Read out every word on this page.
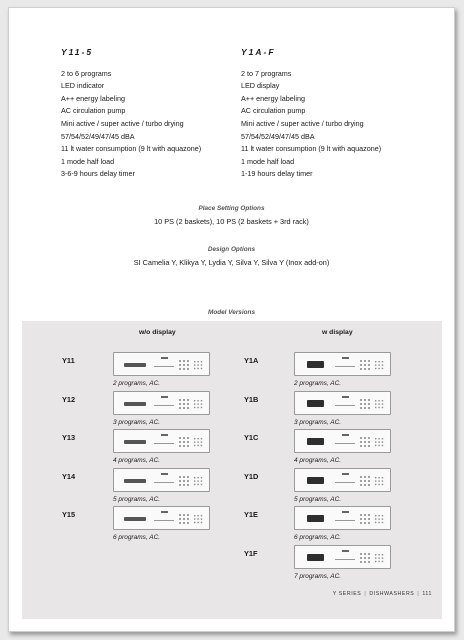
Y11-5
2 to 6 programs
LED indicator
A++ energy labeling
AC circulation pump
Mini active / super active / turbo drying
57/54/52/49/47/45 dBA
11 lt water consumption (9 lt with aquazone)
1 mode half load
3-6-9 hours delay timer
Y1A-F
2 to 7 programs
LED display
A++ energy labeling
AC circulation pump
Mini active / super active / turbo drying
57/54/52/49/47/45 dBA
11 lt water consumption (9 lt with aquazone)
1 mode half load
1-19 hours delay timer
Place Setting Options
10 PS (2 baskets), 10 PS (2 baskets + 3rd rack)
Design Options
SI Camelia Y, Klikya Y, Lydia Y, Silva Y, Silva Y (Inox add-on)
Model Versions
w/o display	w display
Y11
2 programs, AC.
Y12
3 programs, AC.
Y13
4 programs, AC.
Y14
5 programs, AC.
Y15
6 programs, AC.
Y1A
2 programs, AC.
Y1B
3 programs, AC.
Y1C
4 programs, AC.
Y1D
5 programs, AC.
Y1E
6 programs, AC.
Y1F
7 programs, AC.
Y SERIES | DISHWASHERS | 111
